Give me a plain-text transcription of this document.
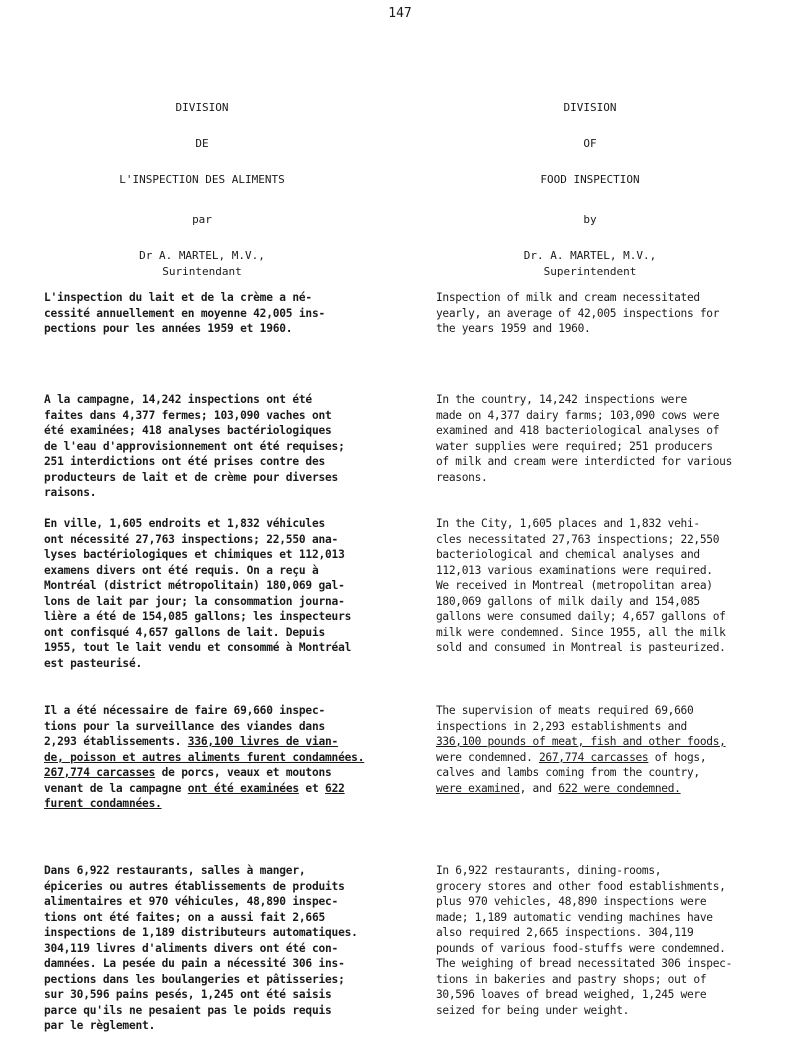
147
DIVISION
DE
L'INSPECTION DES ALIMENTS
par
Dr A. MARTEL, M.V.,
Surintendant

L'inspection du lait et de la crème a né-
cessité annuellement en moyenne 42,005 ins-
pections pour les années 1959 et 1960.

A la campagne, 14,242 inspections ont été
faites dans 4,377 fermes; 103,090 vaches ont
été examinées; 418 analyses bactériologiques
de l'eau d'approvisionnement ont été requises;
251 interdictions ont été prises contre des
producteurs de lait et de crème pour diverses
raisons.

En ville, 1,605 endroits et 1,832 véhicules
ont nécessité 27,763 inspections; 22,550 ana-
lyses bactériologiques et chimiques et 112,013
examens divers ont été requis. On a reçu à
Montréal (district métropolitain) 180,069 gal-
lons de lait par jour; la consommation journa-
lière a été de 154,085 gallons; les inspecteurs
ont confisqué 4,657 gallons de lait. Depuis
1955, tout le lait vendu et consommé à Montréal
est pasteurisé.

Il a été nécessaire de faire 69,660 inspec-
tions pour la surveillance des viandes dans
2,293 établissements. 336,100 livres de vian-
de, poisson et autres aliments furent condamnées.
267,774 carcasses de porcs, veaux et moutons
venant de la campagne ont été examinées et 622
furent condamnées.

Dans 6,922 restaurants, salles à manger,
épiceries ou autres établissements de produits
alimentaires et 970 véhicules, 48,890 inspec-
tions ont été faites; on a aussi fait 2,665
inspections de 1,189 distributeurs automatiques.
304,119 livres d'aliments divers ont été con-
damnées. La pesée du pain a nécessité 306 ins-
pections dans les boulangeries et pâtisseries;
sur 30,596 pains pesés, 1,245 ont été saisis
parce qu'ils ne pesaient pas le poids requis
par le règlement.

DIVISION
OF
FOOD INSPECTION
by
Dr. A. MARTEL, M.V.,
Superintendent

Inspection of milk and cream necessitated
yearly, an average of 42,005 inspections for
the years 1959 and 1960.

In the country, 14,242 inspections were
made on 4,377 dairy farms; 103,090 cows were
examined and 418 bacteriological analyses of
water supplies were required; 251 producers
of milk and cream were interdicted for various
reasons.

In the City, 1,605 places and 1,832 vehi-
cles necessitated 27,763 inspections; 22,550
bacteriological and chemical analyses and
112,013 various examinations were required.
We received in Montreal (metropolitan area)
180,069 gallons of milk daily and 154,085
gallons were consumed daily; 4,657 gallons of
milk were condemned. Since 1955, all the milk
sold and consumed in Montreal is pasteurized.

The supervision of meats required 69,660
inspections in 2,293 establishments and
336,100 pounds of meat, fish and other foods,
were condemned. 267,774 carcasses of hogs,
calves and lambs coming from the country,
were examined, and 622 were condemned.

In 6,922 restaurants, dining-rooms,
grocery stores and other food establishments,
plus 970 vehicles, 48,890 inspections were
made; 1,189 automatic vending machines have
also required 2,665 inspections. 304,119
pounds of various food-stuffs were condemned.
The weighing of bread necessitated 306 inspec-
tions in bakeries and pastry shops; out of
30,596 loaves of bread weighed, 1,245 were
seized for being under weight.
